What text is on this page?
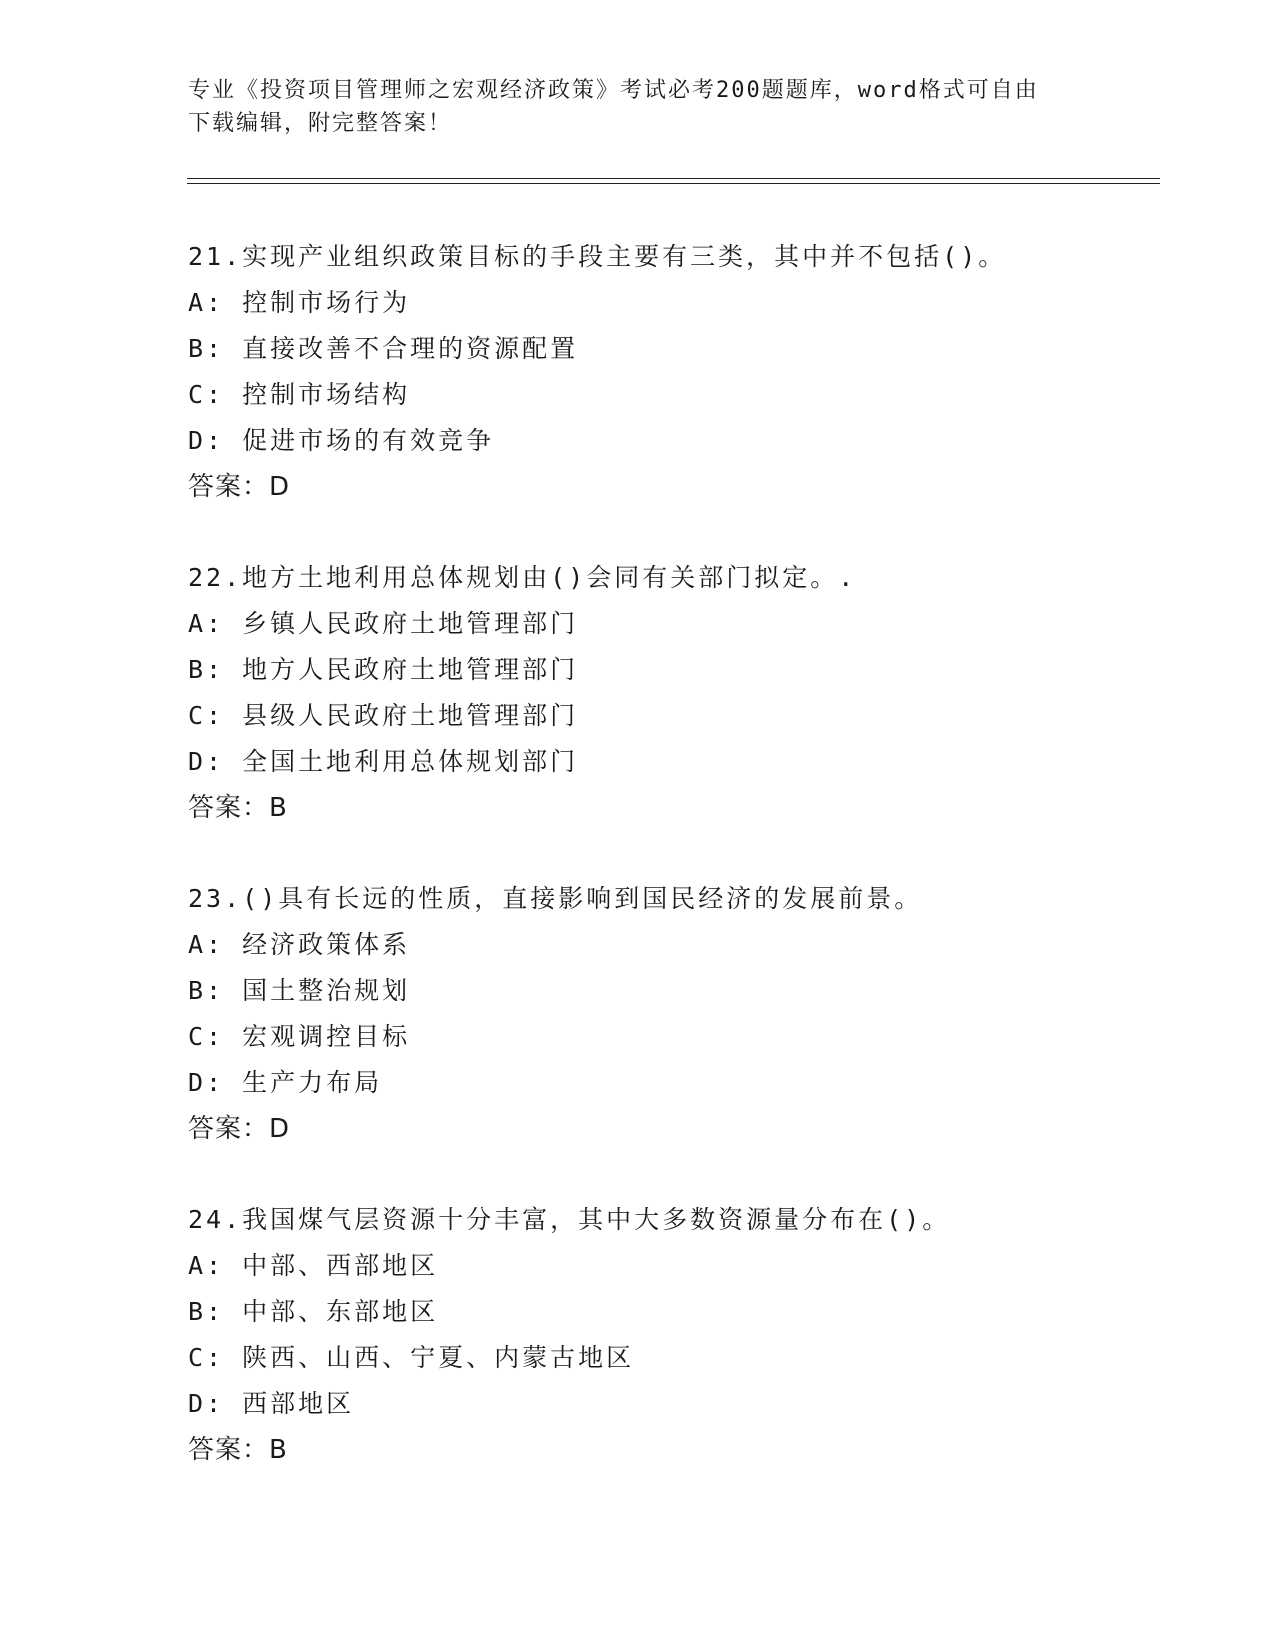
专业《投资项目管理师之宏观经济政策》考试必考200题题库，word格式可自由
下载编辑，附完整答案！
21.实现产业组织政策目标的手段主要有三类，其中并不包括()。
A: 控制市场行为
B: 直接改善不合理的资源配置
C: 控制市场结构
D: 促进市场的有效竞争
答案：D
22.地方土地利用总体规划由()会同有关部门拟定。.
A: 乡镇人民政府土地管理部门
B: 地方人民政府土地管理部门
C: 县级人民政府土地管理部门
D: 全国土地利用总体规划部门
答案：B
23.()具有长远的性质，直接影响到国民经济的发展前景。
A: 经济政策体系
B: 国土整治规划
C: 宏观调控目标
D: 生产力布局
答案：D
24.我国煤气层资源十分丰富，其中大多数资源量分布在()。
A: 中部、西部地区
B: 中部、东部地区
C: 陕西、山西、宁夏、内蒙古地区
D: 西部地区
答案：B
